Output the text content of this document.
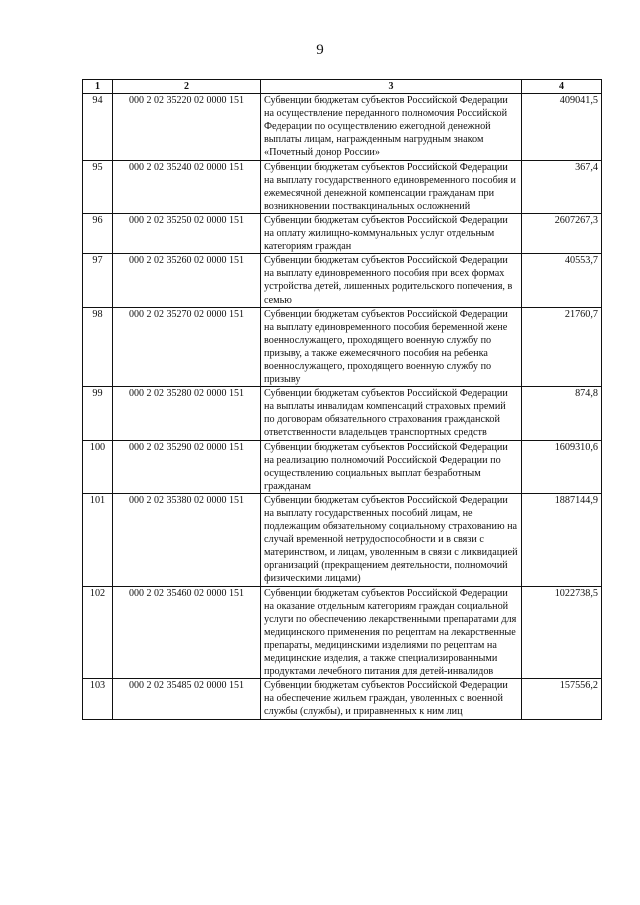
9
1	2	3	4
94	000 2 02 35220 02 0000 151	Субвенции бюджетам субъектов Российской Федерации на осуществление переданного полномочия Российской Федерации по осуществлению ежегодной денежной выплаты лицам, награжденным нагрудным знаком «Почетный донор России»	409041,5
95	000 2 02 35240 02 0000 151	Субвенции бюджетам субъектов Российской Федерации на выплату государственного единовременного пособия и ежемесячной денежной компенсации гражданам при возникновении поствакцинальных осложнений	367,4
96	000 2 02 35250 02 0000 151	Субвенции бюджетам субъектов Российской Федерации на оплату жилищно-коммунальных услуг отдельным категориям граждан	2607267,3
97	000 2 02 35260 02 0000 151	Субвенции бюджетам субъектов Российской Федерации на выплату единовременного пособия при всех формах устройства детей, лишенных родительского попечения, в семью	40553,7
98	000 2 02 35270 02 0000 151	Субвенции бюджетам субъектов Российской Федерации на выплату единовременного пособия беременной жене военнослужащего, проходящего военную службу по призыву, а также ежемесячного пособия на ребенка военнослужащего, проходящего военную службу по призыву	21760,7
99	000 2 02 35280 02 0000 151	Субвенции бюджетам субъектов Российской Федерации на выплаты инвалидам компенсаций страховых премий по договорам обязательного страхования гражданской ответственности владельцев транспортных средств	874,8
100	000 2 02 35290 02 0000 151	Субвенции бюджетам субъектов Российской Федерации на реализацию полномочий Российской Федерации по осуществлению социальных выплат безработным гражданам	1609310,6
101	000 2 02 35380 02 0000 151	Субвенции бюджетам субъектов Российской Федерации на выплату государственных пособий лицам, не подлежащим обязательному социальному страхованию на случай временной нетрудоспособности и в связи с материнством, и лицам, уволенным в связи с ликвидацией организаций (прекращением деятельности, полномочий физическими лицами)	1887144,9
102	000 2 02 35460 02 0000 151	Субвенции бюджетам субъектов Российской Федерации на оказание отдельным категориям граждан социальной услуги по обеспечению лекарственными препаратами для медицинского применения по рецептам на лекарственные препараты, медицинскими изделиями по рецептам на медицинские изделия, а также специализированными продуктами лечебного питания для детей-инвалидов	1022738,5
103	000 2 02 35485 02 0000 151	Субвенции бюджетам субъектов Российской Федерации на обеспечение жильем граждан, уволенных с военной службы (службы), и приравненных к ним лиц	157556,2
